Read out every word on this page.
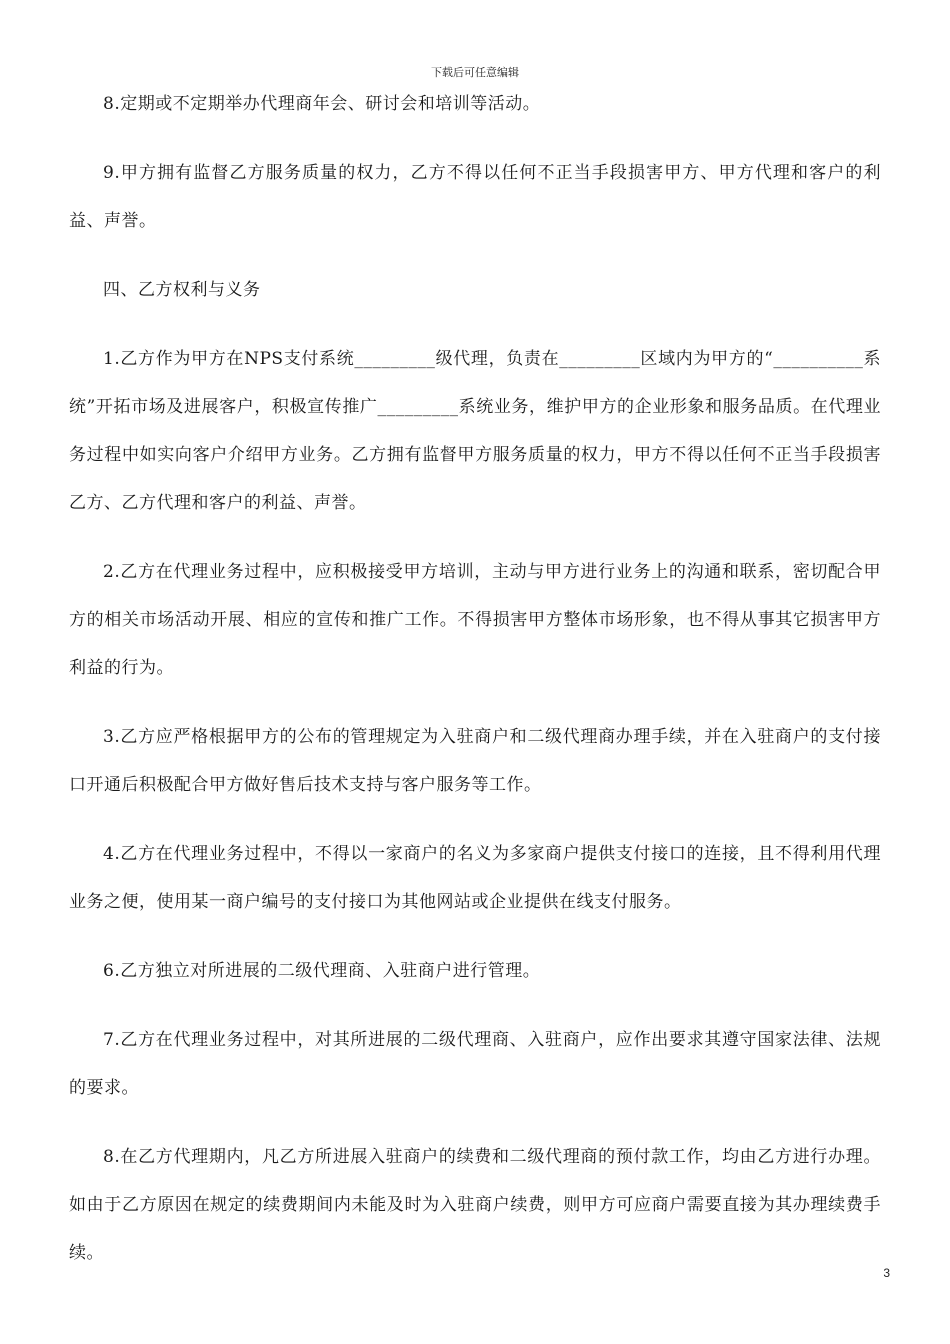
下载后可任意编辑

8.定期或不定期举办代理商年会、研讨会和培训等活动。

9.甲方拥有监督乙方服务质量的权力，乙方不得以任何不正当手段损害甲方、甲方代理和客户的利益、声誉。

四、乙方权利与义务

1.乙方作为甲方在NPS支付系统_________级代理，负责在_________区域内为甲方的“__________系统”开拓市场及进展客户，积极宣传推广_________系统业务，维护甲方的企业形象和服务品质。在代理业务过程中如实向客户介绍甲方业务。乙方拥有监督甲方服务质量的权力，甲方不得以任何不正当手段损害乙方、乙方代理和客户的利益、声誉。

2.乙方在代理业务过程中，应积极接受甲方培训，主动与甲方进行业务上的沟通和联系，密切配合甲方的相关市场活动开展、相应的宣传和推广工作。不得损害甲方整体市场形象，也不得从事其它损害甲方利益的行为。

3.乙方应严格根据甲方的公布的管理规定为入驻商户和二级代理商办理手续，并在入驻商户的支付接口开通后积极配合甲方做好售后技术支持与客户服务等工作。

4.乙方在代理业务过程中，不得以一家商户的名义为多家商户提供支付接口的连接，且不得利用代理业务之便，使用某一商户编号的支付接口为其他网站或企业提供在线支付服务。

6.乙方独立对所进展的二级代理商、入驻商户进行管理。

7.乙方在代理业务过程中，对其所进展的二级代理商、入驻商户，应作出要求其遵守国家法律、法规的要求。

8.在乙方代理期内，凡乙方所进展入驻商户的续费和二级代理商的预付款工作，均由乙方进行办理。如由于乙方原因在规定的续费期间内未能及时为入驻商户续费，则甲方可应商户需要直接为其办理续费手续。

3
